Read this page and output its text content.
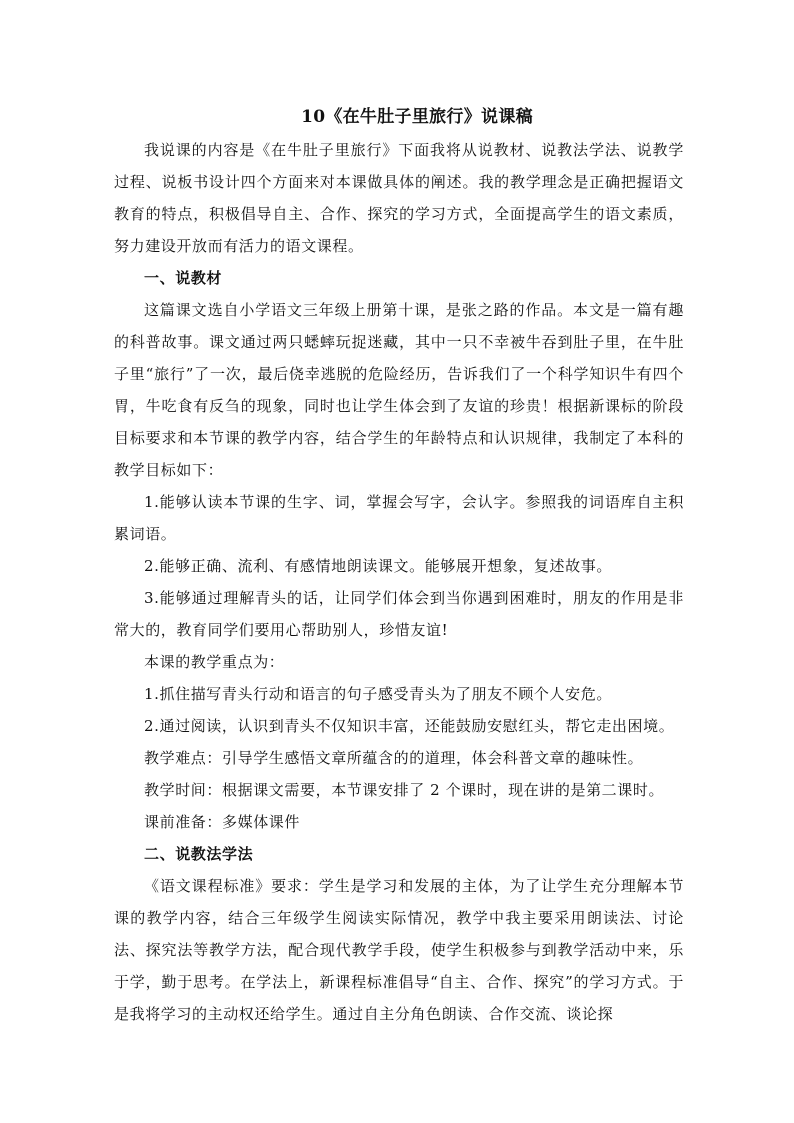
10《在牛肚子里旅行》说课稿

我说课的内容是《在牛肚子里旅行》下面我将从说教材、说教法学法、说教学过程、说板书设计四个方面来对本课做具体的阐述。我的教学理念是正确把握语文教育的特点，积极倡导自主、合作、探究的学习方式，全面提高学生的语文素质，努力建设开放而有活力的语文课程。

一、说教材

这篇课文选自小学语文三年级上册第十课，是张之路的作品。本文是一篇有趣的科普故事。课文通过两只蟋蟀玩捉迷藏，其中一只不幸被牛吞到肚子里，在牛肚子里“旅行”了一次，最后侥幸逃脱的危险经历，告诉我们了一个科学知识牛有四个胃，牛吃食有反刍的现象，同时也让学生体会到了友谊的珍贵！根据新课标的阶段目标要求和本节课的教学内容，结合学生的年龄特点和认识规律，我制定了本科的教学目标如下：

1.能够认读本节课的生字、词，掌握会写字，会认字。参照我的词语库自主积累词语。

2.能够正确、流利、有感情地朗读课文。能够展开想象，复述故事。

3.能够通过理解青头的话，让同学们体会到当你遇到困难时，朋友的作用是非常大的，教育同学们要用心帮助别人，珍惜友谊!

本课的教学重点为：

1.抓住描写青头行动和语言的句子感受青头为了朋友不顾个人安危。

2.通过阅读，认识到青头不仅知识丰富，还能鼓励安慰红头，帮它走出困境。

教学难点：引导学生感悟文章所蕴含的的道理，体会科普文章的趣味性。

教学时间：根据课文需要，本节课安排了 2 个课时，现在讲的是第二课时。

课前准备：多媒体课件

二、说教法学法

《语文课程标准》要求：学生是学习和发展的主体，为了让学生充分理解本节课的教学内容，结合三年级学生阅读实际情况，教学中我主要采用朗读法、讨论法、探究法等教学方法，配合现代教学手段，使学生积极参与到教学活动中来，乐于学，勤于思考。在学法上，新课程标准倡导“自主、合作、探究”的学习方式。于是我将学习的主动权还给学生。通过自主分角色朗读、合作交流、谈论探
